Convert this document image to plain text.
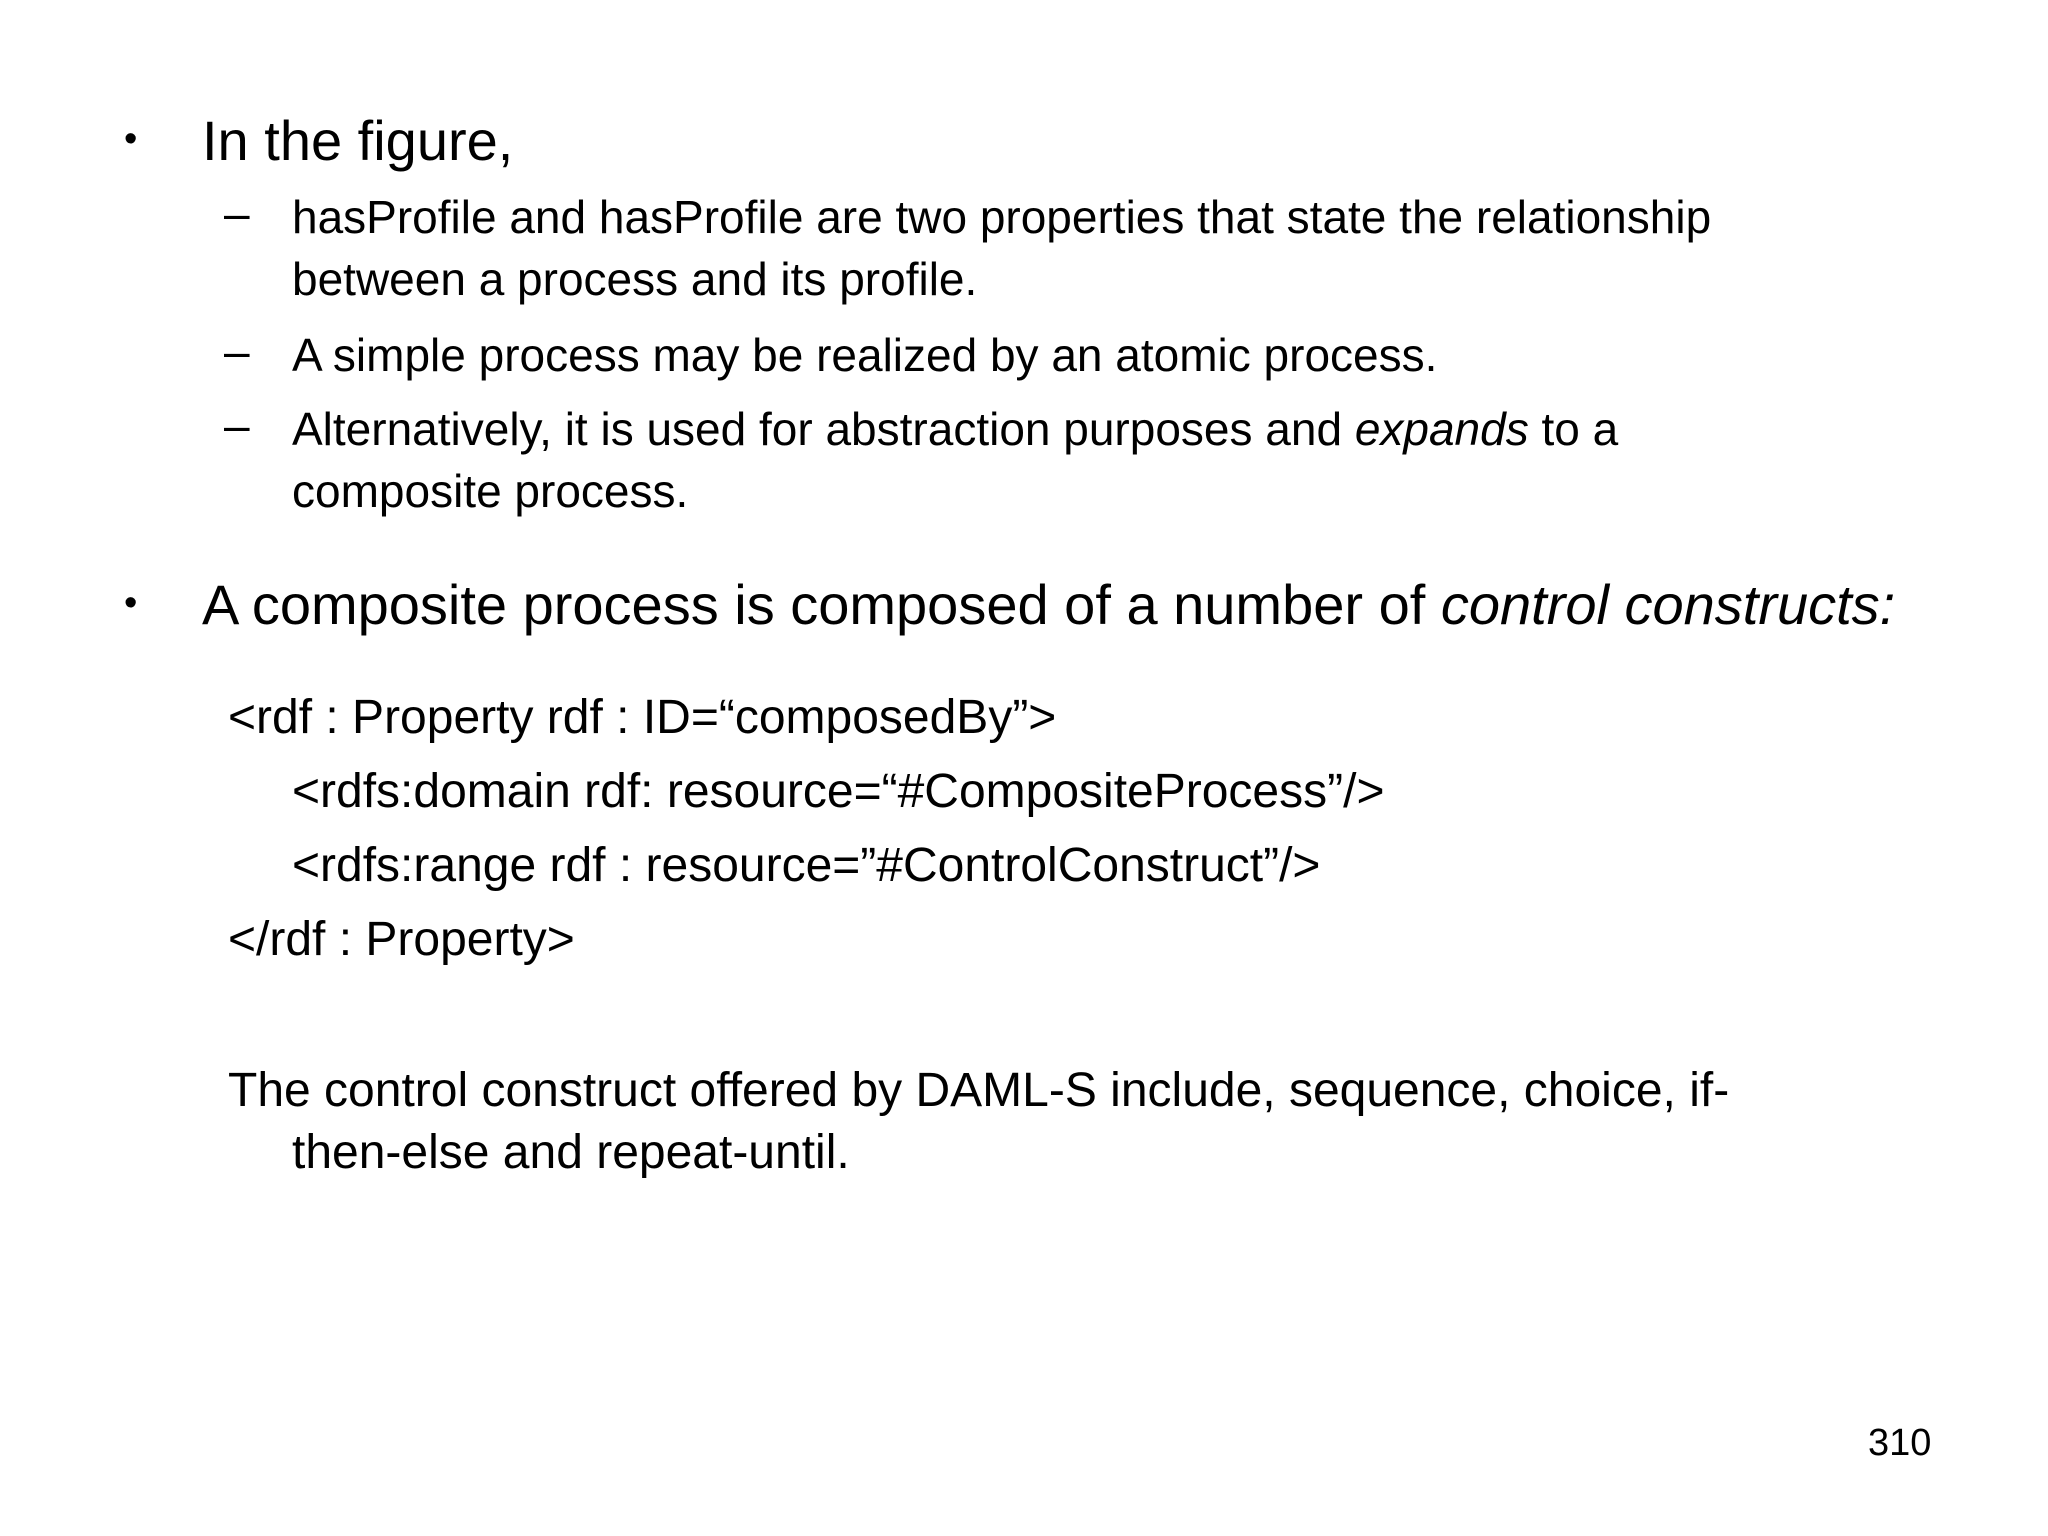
• In the figure,
– hasProfile and hasProfile are two properties that state the relationship
between a process and its profile.
– A simple process may be realized by an atomic process.
– Alternatively, it is used for abstraction purposes and expands to a
composite process.
• A composite process is composed of a number of control constructs:
<rdf : Property rdf : ID=“composedBy”>
<rdfs:domain rdf: resource=“#CompositeProcess”/>
<rdfs:range rdf : resource=”#ControlConstruct”/>
</rdf : Property>
The control construct offered by DAML-S include, sequence, choice, if-
then-else and repeat-until.
310
